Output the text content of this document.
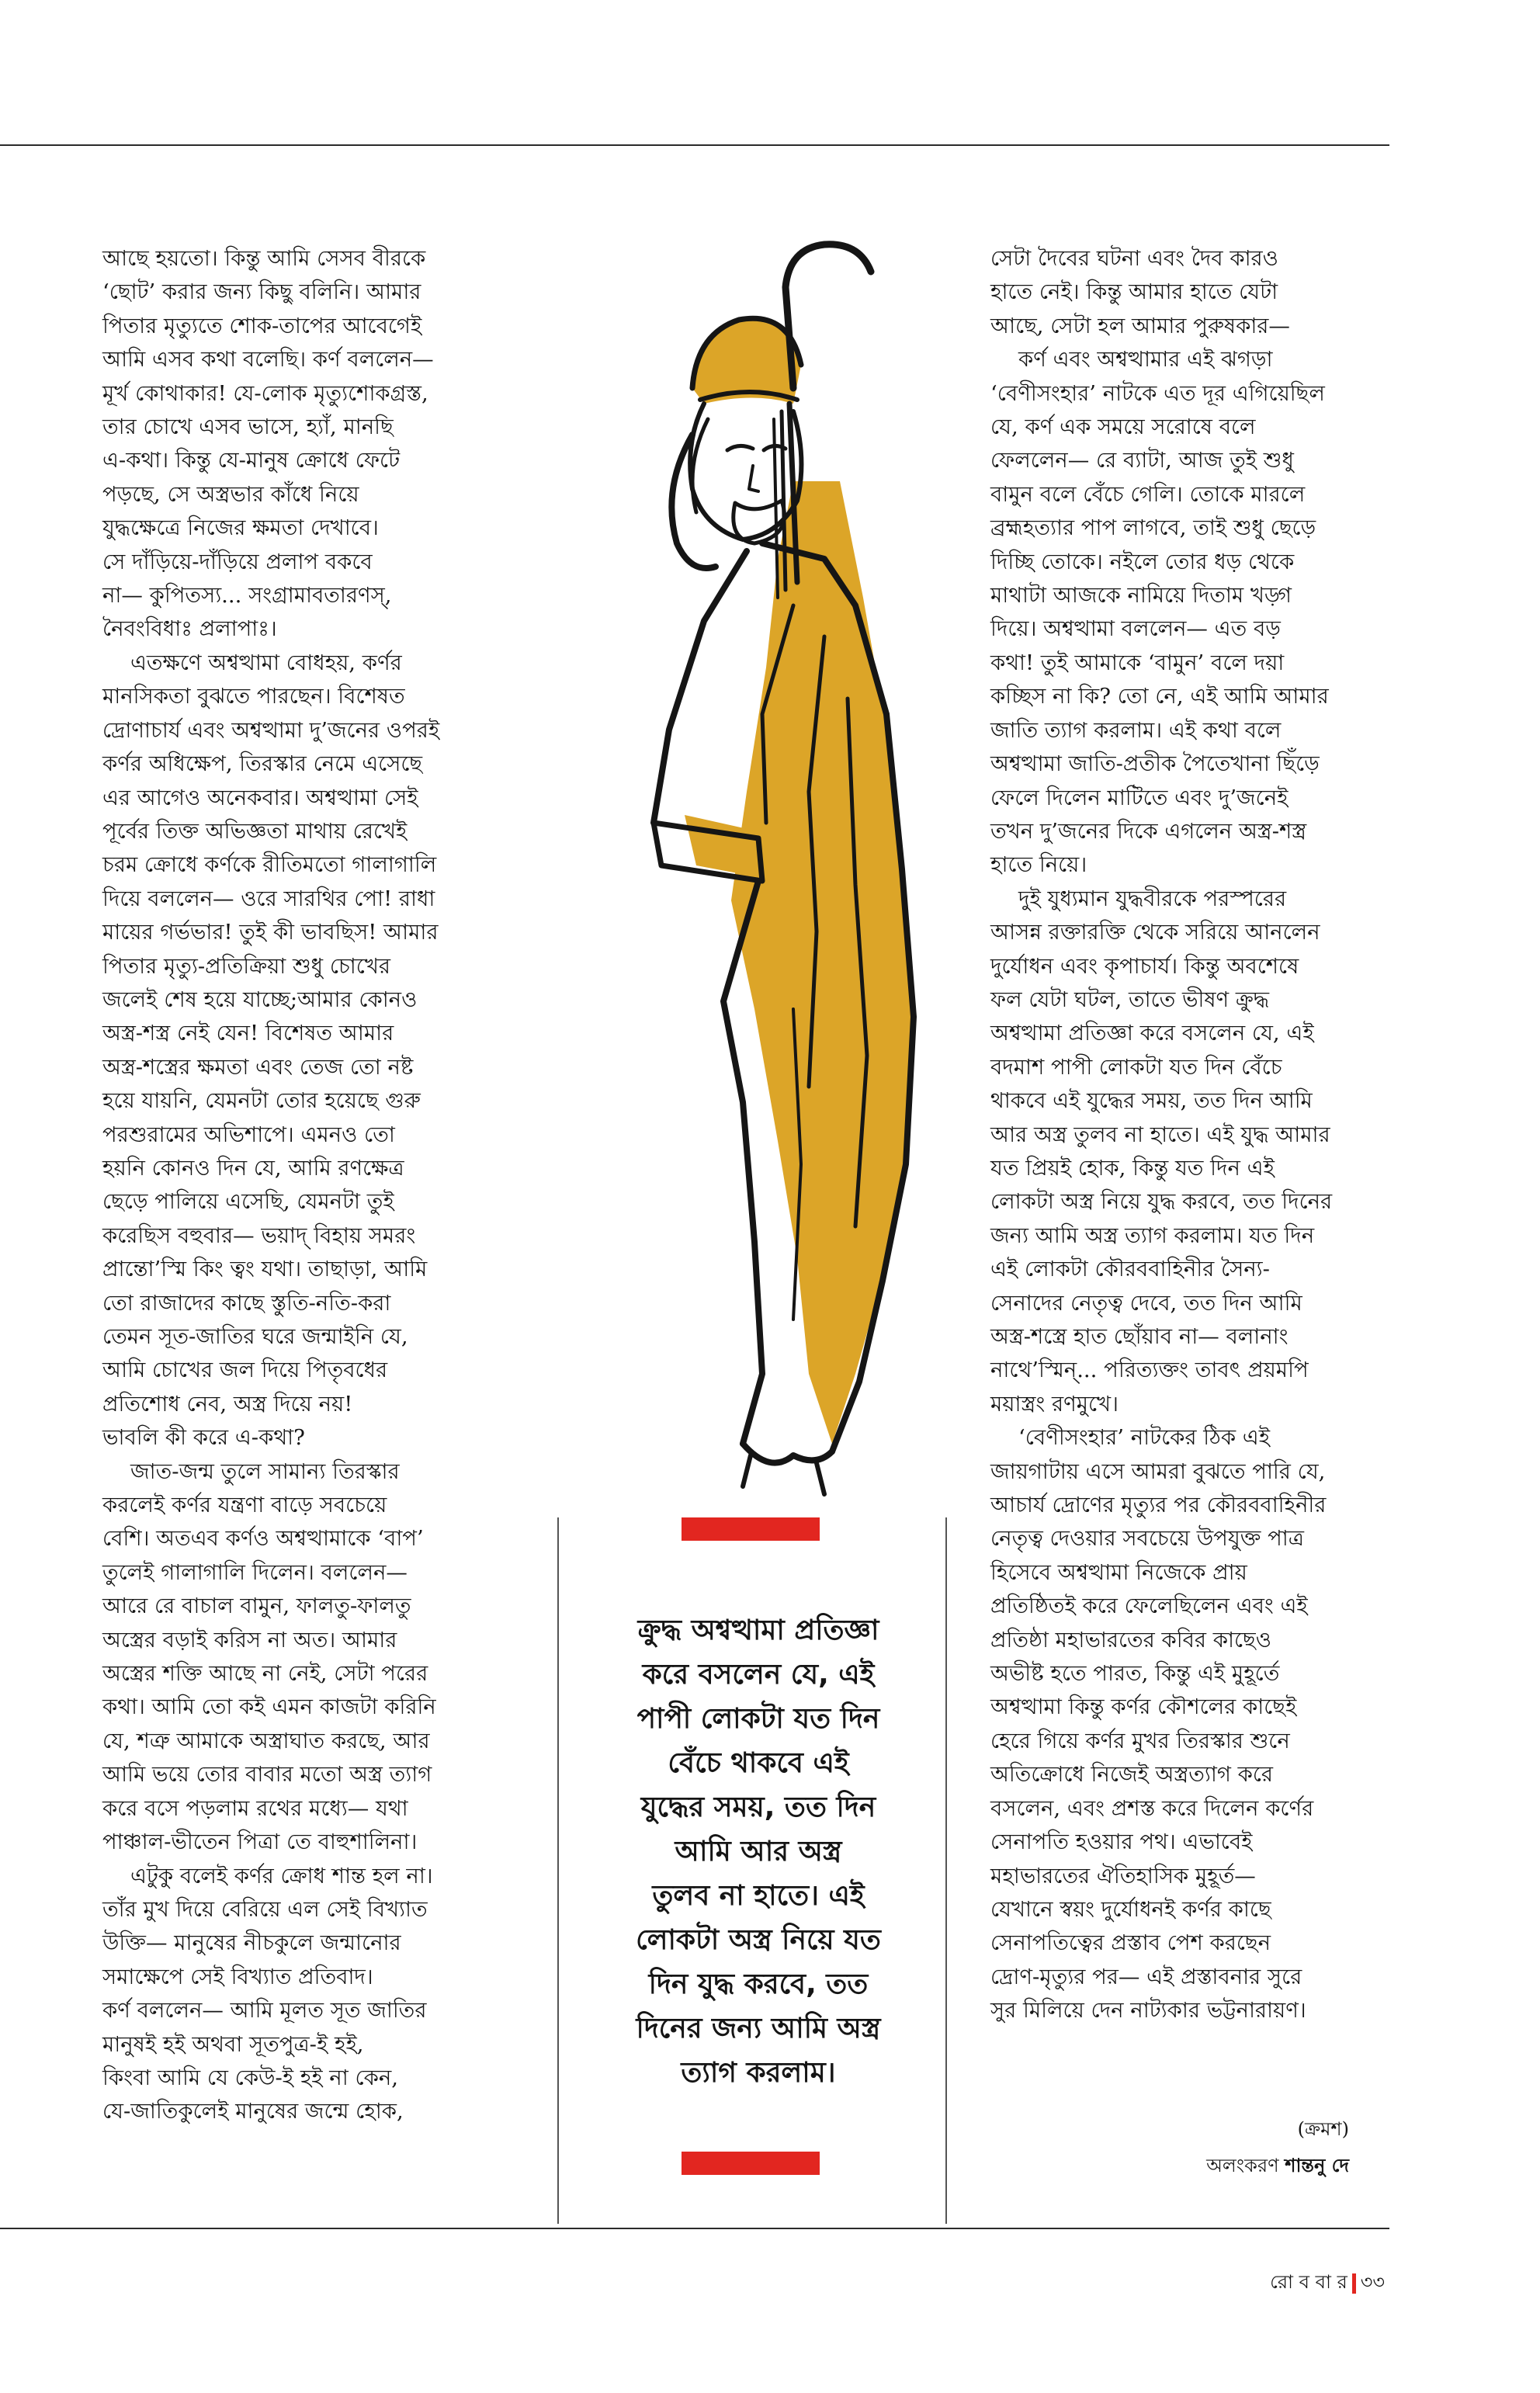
আছে হয়তো। কিন্তু আমি সেসব বীরকে

‘ছোট’ করার জন্য কিছু বলিনি। আমার

পিতার মৃত্যুতে শোক-তাপের আবেগেই

আমি এসব কথা বলেছি। কর্ণ বললেন—

মূর্খ কোথাকার! যে-লোক মৃত্যুশোকগ্রস্ত,

তার চোখে এসব ভাসে, হ্যাঁ, মানছি

এ-কথা। কিন্তু যে-মানুষ ক্রোধে ফেটে

পড়ছে, সে অস্ত্রভার কাঁধে নিয়ে

যুদ্ধক্ষেত্রে নিজের ক্ষমতা দেখাবে।

সে দাঁড়িয়ে-দাঁড়িয়ে প্রলাপ বকবে

না— কুপিতস্য... সংগ্রামাবতারণস্,

নৈবংবিধাঃ প্রলাপাঃ।

এতক্ষণে অশ্বত্থামা বোধহয়, কর্ণর

মানসিকতা বুঝতে পারছেন। বিশেষত

দ্রোণাচার্য এবং অশ্বত্থামা দু’জনের ওপরই

কর্ণর অধিক্ষেপ, তিরস্কার নেমে এসেছে

এর আগেও অনেকবার। অশ্বত্থামা সেই

পূর্বের তিক্ত অভিজ্ঞতা মাথায় রেখেই

চরম ক্রোধে কর্ণকে রীতিমতো গালাগালি

দিয়ে বললেন— ওরে সারথির পো! রাধা

মায়ের গর্ভভার! তুই কী ভাবছিস! আমার

পিতার মৃত্যু-প্রতিক্রিয়া শুধু চোখের

জলেই শেষ হয়ে যাচ্ছে;আমার কোনও

অস্ত্র-শস্ত্র নেই যেন! বিশেষত আমার

অস্ত্র-শস্ত্রের ক্ষমতা এবং তেজ তো নষ্ট

হয়ে যায়নি, যেমনটা তোর হয়েছে গুরু

পরশুরামের অভিশাপে। এমনও তো

হয়নি কোনও দিন যে, আমি রণক্ষেত্র

ছেড়ে পালিয়ে এসেছি, যেমনটা তুই

করেছিস বহুবার— ভয়াদ্ বিহায় সমরং

প্রান্তো’স্মি কিং ত্বং যথা। তাছাড়া, আমি

তো রাজাদের কাছে স্তুতি-নতি-করা

তেমন সূত-জাতির ঘরে জন্মাইনি যে,

আমি চোখের জল দিয়ে পিতৃবধের

প্রতিশোধ নেব, অস্ত্র দিয়ে নয়!

ভাবলি কী করে এ-কথা?

জাত-জন্ম তুলে সামান্য তিরস্কার

করলেই কর্ণর যন্ত্রণা বাড়ে সবচেয়ে

বেশি। অতএব কর্ণও অশ্বত্থামাকে ‘বাপ’

তুলেই গালাগালি দিলেন। বললেন—

আরে রে বাচাল বামুন, ফালতু-ফালতু

অস্ত্রের বড়াই করিস না অত। আমার

অস্ত্রের শক্তি আছে না নেই, সেটা পরের

কথা। আমি তো কই এমন কাজটা করিনি

যে, শত্রু আমাকে অস্ত্রাঘাত করছে, আর

আমি ভয়ে তোর বাবার মতো অস্ত্র ত্যাগ

করে বসে পড়লাম রথের মধ্যে— যথা

পাঞ্চাল-ভীতেন পিত্রা তে বাহুশালিনা।

এটুকু বলেই কর্ণর ক্রোধ শান্ত হল না।

তাঁর মুখ দিয়ে বেরিয়ে এল সেই বিখ্যাত

উক্তি— মানুষের নীচকুলে জন্মানোর

সমাক্ষেপে সেই বিখ্যাত প্রতিবাদ।

কর্ণ বললেন— আমি মূলত সূত জাতির

মানুষই হই অথবা সূতপুত্র-ই হই,

কিংবা আমি যে কেউ-ই হই না কেন,

যে-জাতিকুলেই মানুষের জন্মে হোক,

ক্রুদ্ধ অশ্বত্থামা প্রতিজ্ঞা
করে বসলেন যে, এই
পাপী লোকটা যত দিন
বেঁচে থাকবে এই
যুদ্ধের সময়, তত দিন
আমি আর অস্ত্র
তুলব না হাতে। এই
লোকটা অস্ত্র নিয়ে যত
দিন যুদ্ধ করবে, তত
দিনের জন্য আমি অস্ত্র
ত্যাগ করলাম।

সেটা দৈবের ঘটনা এবং দৈব কারও

হাতে নেই। কিন্তু আমার হাতে যেটা

আছে, সেটা হল আমার পুরুষকার—

কর্ণ এবং অশ্বত্থামার এই ঝগড়া

‘বেণীসংহার’ নাটকে এত দূর এগিয়েছিল

যে, কর্ণ এক সময়ে সরোষে বলে

ফেললেন— রে ব্যাটা, আজ তুই শুধু

বামুন বলে বেঁচে গেলি। তোকে মারলে

ব্রহ্মহত্যার পাপ লাগবে, তাই শুধু ছেড়ে

দিচ্ছি তোকে। নইলে তোর ধড় থেকে

মাথাটা আজকে নামিয়ে দিতাম খড়্গ

দিয়ে। অশ্বত্থামা বললেন— এত বড়

কথা! তুই আমাকে ‘বামুন’ বলে দয়া

কচ্ছিস না কি? তো নে, এই আমি আমার

জাতি ত্যাগ করলাম। এই কথা বলে

অশ্বত্থামা জাতি-প্রতীক পৈতেখানা ছিঁড়ে

ফেলে দিলেন মাটিতে এবং দু’জনেই

তখন দু’জনের দিকে এগলেন অস্ত্র-শস্ত্র

হাতে নিয়ে।

দুই যুধ্যমান যুদ্ধবীরকে পরস্পরের

আসন্ন রক্তারক্তি থেকে সরিয়ে আনলেন

দুর্যোধন এবং কৃপাচার্য। কিন্তু অবশেষে

ফল যেটা ঘটল, তাতে ভীষণ ক্রুদ্ধ

অশ্বত্থামা প্রতিজ্ঞা করে বসলেন যে, এই

বদমাশ পাপী লোকটা যত দিন বেঁচে

থাকবে এই যুদ্ধের সময়, তত দিন আমি

আর অস্ত্র তুলব না হাতে। এই যুদ্ধ আমার

যত প্রিয়ই হোক, কিন্তু যত দিন এই

লোকটা অস্ত্র নিয়ে যুদ্ধ করবে, তত দিনের

জন্য আমি অস্ত্র ত্যাগ করলাম। যত দিন

এই লোকটা কৌরববাহিনীর সৈন্য-

সেনাদের নেতৃত্ব দেবে, তত দিন আমি

অস্ত্র-শস্ত্রে হাত ছোঁয়াব না— বলানাং

নাথে’স্মিন্... পরিত্যক্তং তাবৎ প্রয়মপি

ময়াস্ত্রং রণমুখে।

‘বেণীসংহার’ নাটকের ঠিক এই

জায়গাটায় এসে আমরা বুঝতে পারি যে,

আচার্য দ্রোণের মৃত্যুর পর কৌরববাহিনীর

নেতৃত্ব দেওয়ার সবচেয়ে উপযুক্ত পাত্র

হিসেবে অশ্বত্থামা নিজেকে প্রায়

প্রতিষ্ঠিতই করে ফেলেছিলেন এবং এই

প্রতিষ্ঠা মহাভারতের কবির কাছেও

অভীষ্ট হতে পারত, কিন্তু এই মুহূর্তে

অশ্বত্থামা কিন্তু কর্ণর কৌশলের কাছেই

হেরে গিয়ে কর্ণর মুখর তিরস্কার শুনে

অতিক্রোধে নিজেই অস্ত্রত্যাগ করে

বসলেন, এবং প্রশস্ত করে দিলেন কর্ণের

সেনাপতি হওয়ার পথ। এভাবেই

মহাভারতের ঐতিহাসিক মুহূর্ত—

যেখানে স্বয়ং দুর্যোধনই কর্ণর কাছে

সেনাপতিত্বের প্রস্তাব পেশ করছেন

দ্রোণ-মৃত্যুর পর— এই প্রস্তাবনার সুরে

সুর মিলিয়ে দেন নাট্যকার ভট্টনারায়ণ।

(ক্রমশ)
অলংকরণ শান্তনু দে
রো ব বা র ৩৩
